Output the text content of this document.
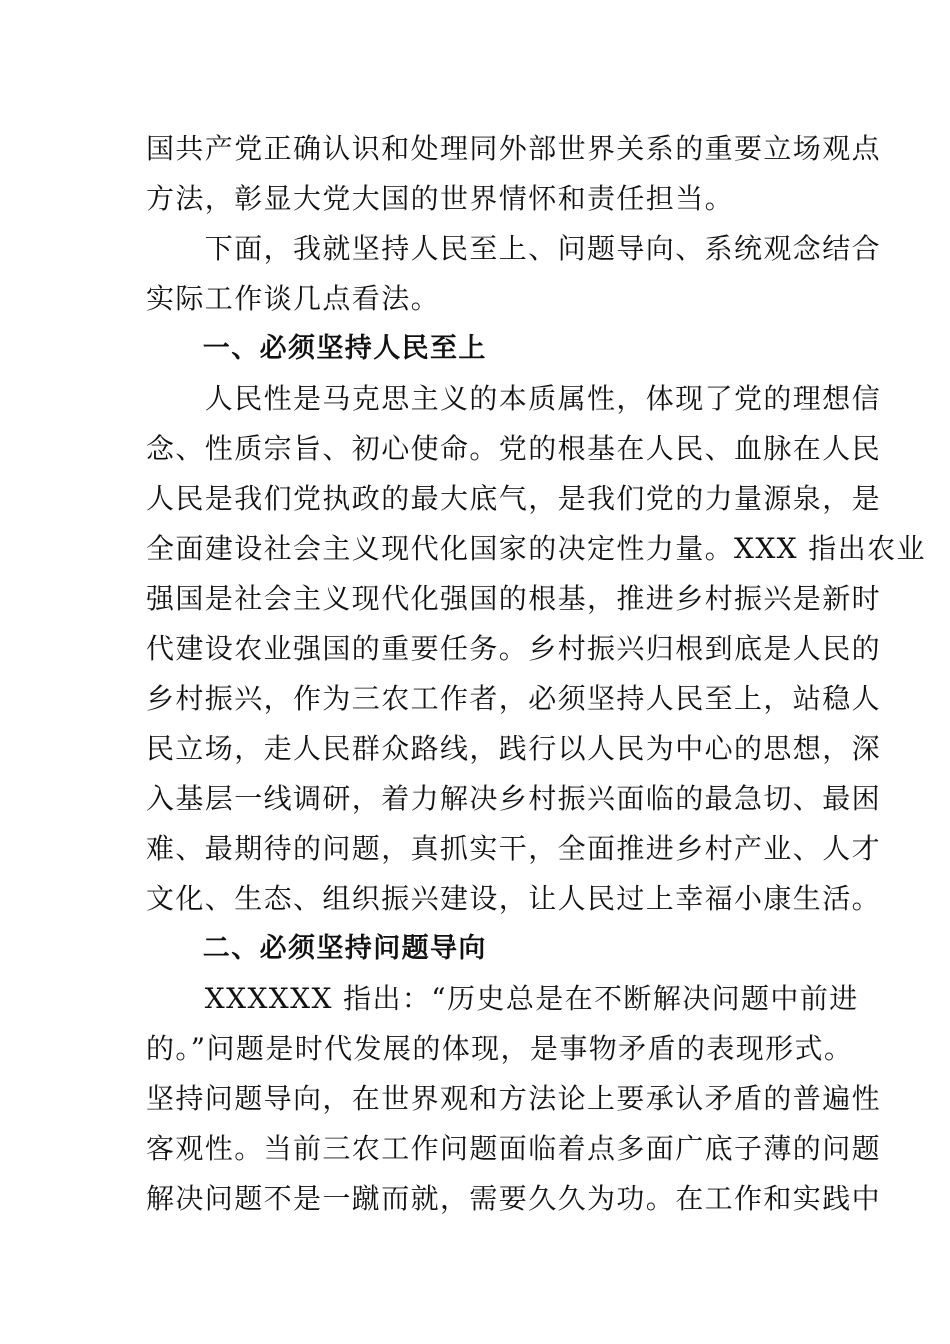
国共产党正确认识和处理同外部世界关系的重要立场观点
方法，彰显大党大国的世界情怀和责任担当。
　　下面，我就坚持人民至上、问题导向、系统观念结合
实际工作谈几点看法。
　　一、必须坚持人民至上
　　人民性是马克思主义的本质属性，体现了党的理想信
念、性质宗旨、初心使命。党的根基在人民、血脉在人民
人民是我们党执政的最大底气，是我们党的力量源泉，是
全面建设社会主义现代化国家的决定性力量。XXX 指出农业
强国是社会主义现代化强国的根基，推进乡村振兴是新时
代建设农业强国的重要任务。乡村振兴归根到底是人民的
乡村振兴，作为三农工作者，必须坚持人民至上，站稳人
民立场，走人民群众路线，践行以人民为中心的思想，深
入基层一线调研，着力解决乡村振兴面临的最急切、最困
难、最期待的问题，真抓实干，全面推进乡村产业、人才
文化、生态、组织振兴建设，让人民过上幸福小康生活。
　　二、必须坚持问题导向
　　XXXXXX 指出：“历史总是在不断解决问题中前进
的。”问题是时代发展的体现，是事物矛盾的表现形式。
坚持问题导向，在世界观和方法论上要承认矛盾的普遍性
客观性。当前三农工作问题面临着点多面广底子薄的问题
解决问题不是一蹴而就，需要久久为功。在工作和实践中
